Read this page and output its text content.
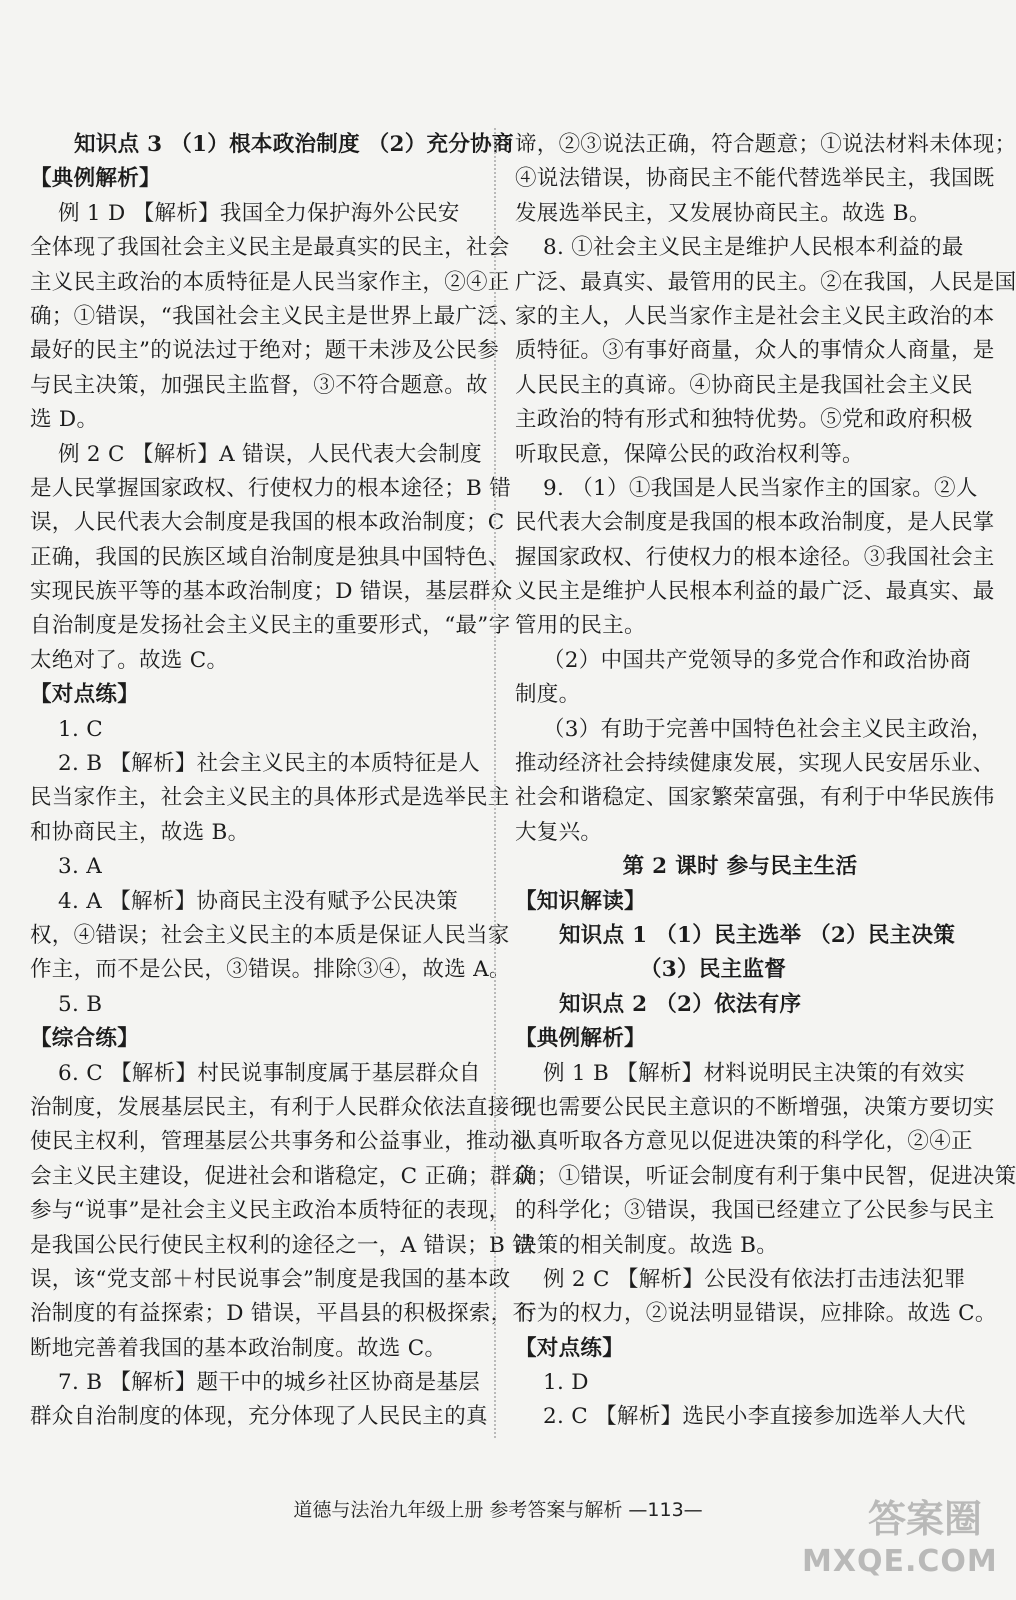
知识点 3 （1）根本政治制度 （2）充分协商
【典例解析】
例 1 D 【解析】我国全力保护海外公民安
全体现了我国社会主义民主是最真实的民主，社会
主义民主政治的本质特征是人民当家作主，②④正
确；①错误，“我国社会主义民主是世界上最广泛、
最好的民主”的说法过于绝对；题干未涉及公民参
与民主决策，加强民主监督，③不符合题意。故
选 D。
例 2 C 【解析】A 错误，人民代表大会制度
是人民掌握国家政权、行使权力的根本途径；B 错
误，人民代表大会制度是我国的根本政治制度；C
正确，我国的民族区域自治制度是独具中国特色、
实现民族平等的基本政治制度；D 错误，基层群众
自治制度是发扬社会主义民主的重要形式，“最”字
太绝对了。故选 C。
【对点练】
1. C
2. B 【解析】社会主义民主的本质特征是人
民当家作主，社会主义民主的具体形式是选举民主
和协商民主，故选 B。
3. A
4. A 【解析】协商民主没有赋予公民决策
权，④错误；社会主义民主的本质是保证人民当家
作主，而不是公民，③错误。排除③④，故选 A。
5. B
【综合练】
6. C 【解析】村民说事制度属于基层群众自
治制度，发展基层民主，有利于人民群众依法直接行
使民主权利，管理基层公共事务和公益事业，推动社
会主义民主建设，促进社会和谐稳定，C 正确；群众
参与“说事”是社会主义民主政治本质特征的表现，
是我国公民行使民主权利的途径之一，A 错误；B 错
误，该“党支部＋村民说事会”制度是我国的基本政
治制度的有益探索；D 错误，平昌县的积极探索，不
断地完善着我国的基本政治制度。故选 C。
7. B 【解析】题干中的城乡社区协商是基层
群众自治制度的体现，充分体现了人民民主的真
谛，②③说法正确，符合题意；①说法材料未体现；
④说法错误，协商民主不能代替选举民主，我国既
发展选举民主，又发展协商民主。故选 B。
8. ①社会主义民主是维护人民根本利益的最
广泛、最真实、最管用的民主。②在我国，人民是国
家的主人，人民当家作主是社会主义民主政治的本
质特征。③有事好商量，众人的事情众人商量，是
人民民主的真谛。④协商民主是我国社会主义民
主政治的特有形式和独特优势。⑤党和政府积极
听取民意，保障公民的政治权利等。
9. （1）①我国是人民当家作主的国家。②人
民代表大会制度是我国的根本政治制度，是人民掌
握国家政权、行使权力的根本途径。③我国社会主
义民主是维护人民根本利益的最广泛、最真实、最
管用的民主。
（2）中国共产党领导的多党合作和政治协商
制度。
（3）有助于完善中国特色社会主义民主政治，
推动经济社会持续健康发展，实现人民安居乐业、
社会和谐稳定、国家繁荣富强，有利于中华民族伟
大复兴。
第 2 课时 参与民主生活
【知识解读】
知识点 1 （1）民主选举 （2）民主决策
（3）民主监督
知识点 2 （2）依法有序
【典例解析】
例 1 B 【解析】材料说明民主决策的有效实
现也需要公民民主意识的不断增强，决策方要切实
认真听取各方意见以促进决策的科学化，②④正
确；①错误，听证会制度有利于集中民智，促进决策
的科学化；③错误，我国已经建立了公民参与民主
决策的相关制度。故选 B。
例 2 C 【解析】公民没有依法打击违法犯罪
行为的权力，②说法明显错误，应排除。故选 C。
【对点练】
1. D
2. C 【解析】选民小李直接参加选举人大代
道德与法治九年级上册 参考答案与解析 —113—	答案圈
MXQE.COM
